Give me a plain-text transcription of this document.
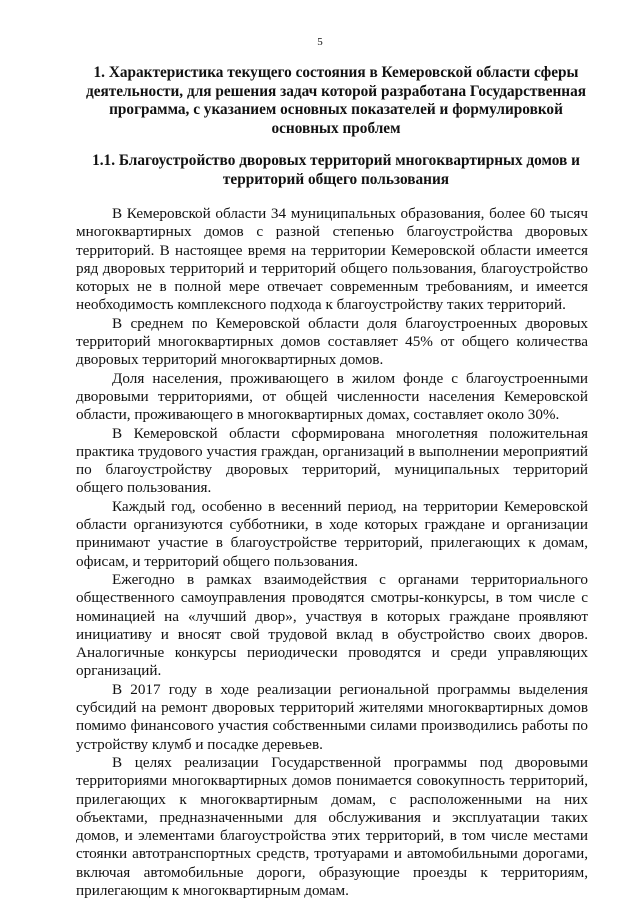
5
1. Характеристика текущего состояния в Кемеровской области сферы деятельности, для решения задач которой разработана Государственная программа, с указанием основных показателей и формулировкой основных проблем
1.1. Благоустройство дворовых территорий многоквартирных домов и территорий общего пользования

В Кемеровской области 34 муниципальных образования, более 60 тысяч многоквартирных домов с разной степенью благоустройства дворовых территорий. В настоящее время на территории Кемеровской области имеется ряд дворовых территорий и территорий общего пользования, благоустройство которых не в полной мере отвечает современным требованиям, и имеется необходимость комплексного подхода к благоустройству таких территорий.

В среднем по Кемеровской области доля благоустроенных дворовых территорий многоквартирных домов составляет 45% от общего количества дворовых территорий многоквартирных домов.

Доля населения, проживающего в жилом фонде с благоустроенными дворовыми территориями, от общей численности населения Кемеровской области, проживающего в многоквартирных домах, составляет около 30%.

В Кемеровской области сформирована многолетняя положительная практика трудового участия граждан, организаций в выполнении мероприятий по благоустройству дворовых территорий, муниципальных территорий общего пользования.

Каждый год, особенно в весенний период, на территории Кемеровской области организуются субботники, в ходе которых граждане и организации принимают участие в благоустройстве территорий, прилегающих к домам, офисам, и территорий общего пользования.

Ежегодно в рамках взаимодействия с органами территориального общественного самоуправления проводятся смотры-конкурсы, в том числе с номинацией на «лучший двор», участвуя в которых граждане проявляют инициативу и вносят свой трудовой вклад в обустройство своих дворов. Аналогичные конкурсы периодически проводятся и среди управляющих организаций.

В 2017 году в ходе реализации региональной программы выделения субсидий на ремонт дворовых территорий жителями многоквартирных домов помимо финансового участия собственными силами производились работы по устройству клумб и посадке деревьев.

В целях реализации Государственной программы под дворовыми территориями многоквартирных домов понимается совокупность территорий, прилегающих к многоквартирным домам, с расположенными на них объектами, предназначенными для обслуживания и эксплуатации таких домов, и элементами благоустройства этих территорий, в том числе местами стоянки автотранспортных средств, тротуарами и автомобильными дорогами, включая автомобильные дороги, образующие проезды к территориям, прилегающим к многоквартирным домам.
